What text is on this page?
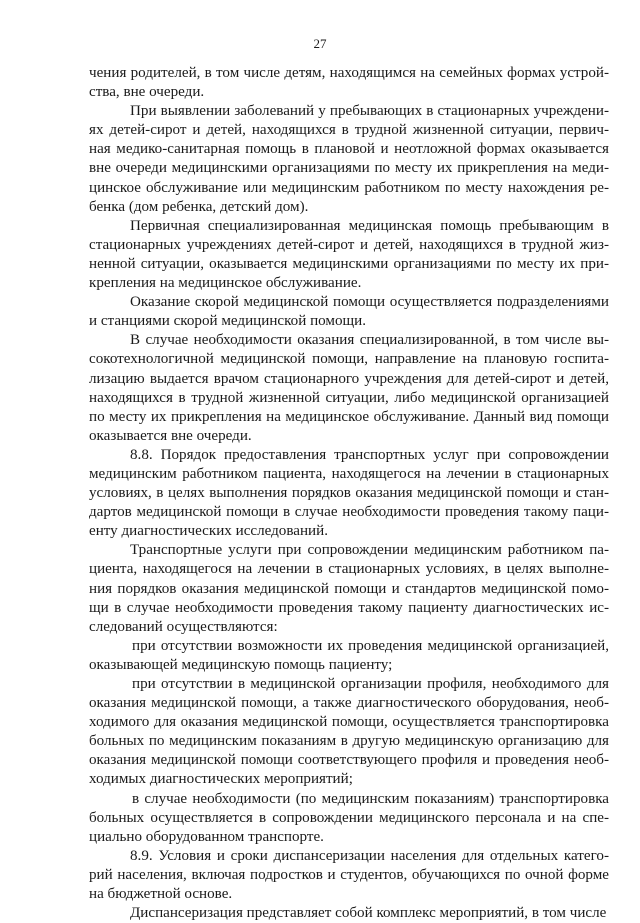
27

чения родителей, в том числе детям, находящимся на семейных формах устрой-ства, вне очереди.

При выявлении заболеваний у пребывающих в стационарных учреждени-ях детей-сирот и детей, находящихся в трудной жизненной ситуации, первич-ная медико-санитарная помощь в плановой и неотложной формах оказывается вне очереди медицинскими организациями по месту их прикрепления на меди-цинское обслуживание или медицинским работником по месту нахождения ре-бенка (дом ребенка, детский дом).

Первичная специализированная медицинская помощь пребывающим в стационарных учреждениях детей-сирот и детей, находящихся в трудной жиз-ненной ситуации, оказывается медицинскими организациями по месту их при-крепления на медицинское обслуживание.

Оказание скорой медицинской помощи осуществляется подразделениями и станциями скорой медицинской помощи.

В случае необходимости оказания специализированной, в том числе вы-сокотехнологичной медицинской помощи, направление на плановую госпита-лизацию выдается врачом стационарного учреждения для детей-сирот и детей, находящихся в трудной жизненной ситуации, либо медицинской организацией по месту их прикрепления на медицинское обслуживание. Данный вид помощи оказывается вне очереди.

8.8. Порядок предоставления транспортных услуг при сопровождении медицинским работником пациента, находящегося на лечении в стационарных условиях, в целях выполнения порядков оказания медицинской помощи и стан-дартов медицинской помощи в случае необходимости проведения такому паци-енту диагностических исследований.

Транспортные услуги при сопровождении медицинским работником па-циента, находящегося на лечении в стационарных условиях, в целях выполне-ния порядков оказания медицинской помощи и стандартов медицинской помо-щи в случае необходимости проведения такому пациенту диагностических ис-следований осуществляются:

при отсутствии возможности их проведения медицинской организацией, оказывающей медицинскую помощь пациенту;

при отсутствии в медицинской организации профиля, необходимого для оказания медицинской помощи, а также диагностического оборудования, необ-ходимого для оказания медицинской помощи, осуществляется транспортировка больных по медицинским показаниям в другую медицинскую организацию для оказания медицинской помощи соответствующего профиля и проведения необ-ходимых диагностических мероприятий;

в случае необходимости (по медицинским показаниям) транспортировка больных осуществляется в сопровождении медицинского персонала и на спе-циально оборудованном транспорте.

8.9. Условия и сроки диспансеризации населения для отдельных катего-рий населения, включая подростков и студентов, обучающихся по очной форме на бюджетной основе.

Диспансеризация представляет собой комплекс мероприятий, в том числе
